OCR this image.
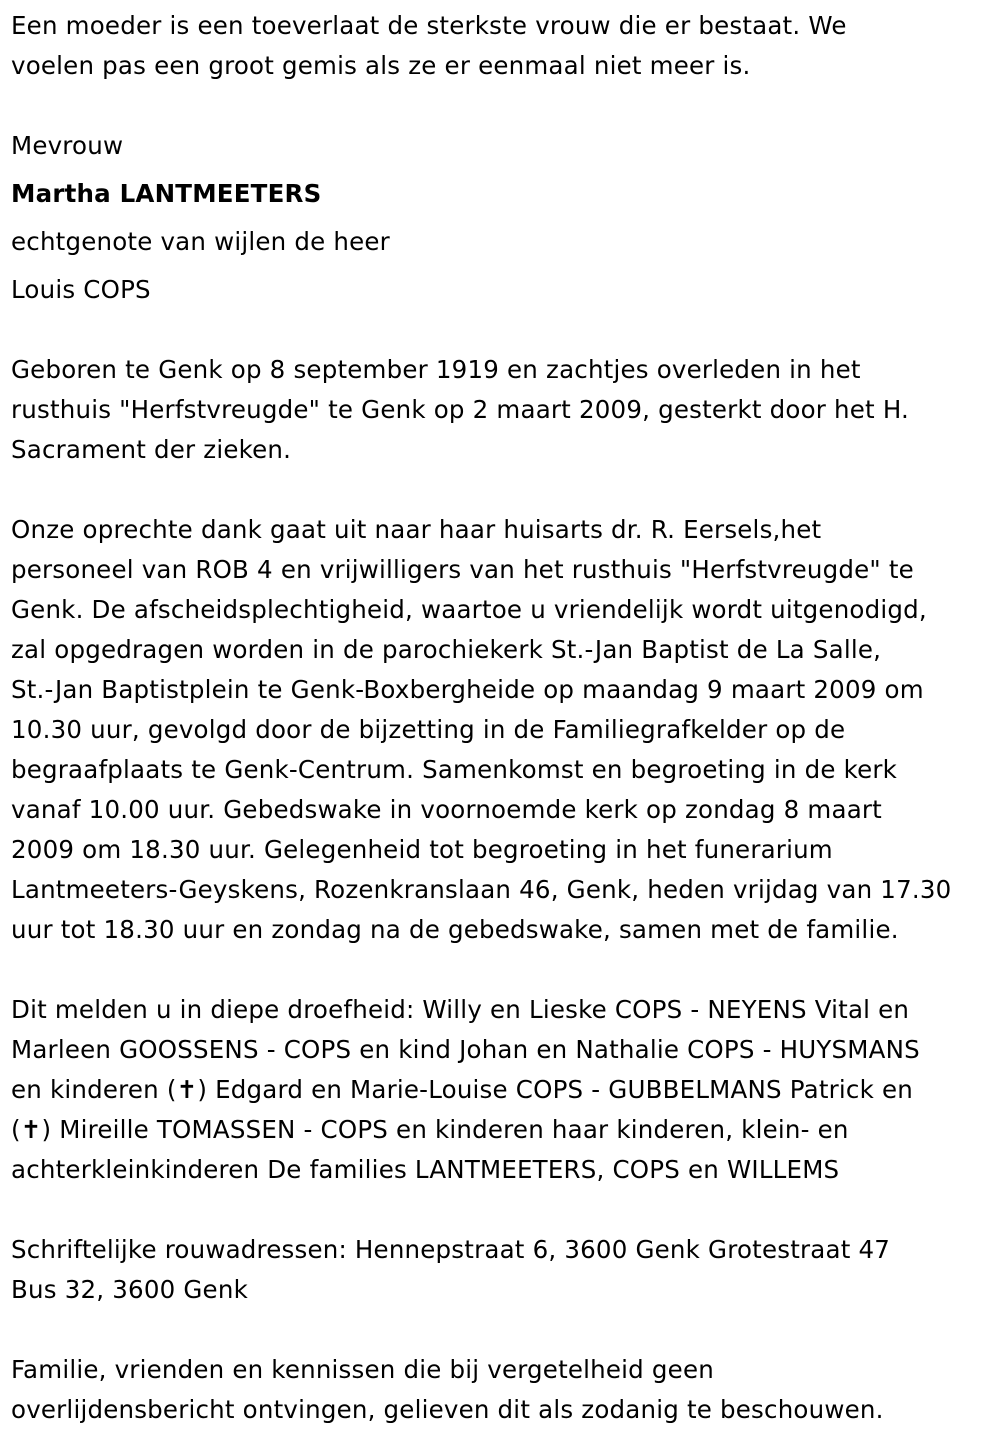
Een moeder is een toeverlaat de sterkste vrouw die er bestaat. We
voelen pas een groot gemis als ze er eenmaal niet meer is.
Mevrouw
Martha LANTMEETERS
echtgenote van wijlen de heer
Louis COPS
Geboren te Genk op 8 september 1919 en zachtjes overleden in het
rusthuis "Herfstvreugde" te Genk op 2 maart 2009, gesterkt door het H.
Sacrament der zieken.
Onze oprechte dank gaat uit naar haar huisarts dr. R. Eersels,het
personeel van ROB 4 en vrijwilligers van het rusthuis "Herfstvreugde" te
Genk. De afscheidsplechtigheid, waartoe u vriendelijk wordt uitgenodigd,
zal opgedragen worden in de parochiekerk St.-Jan Baptist de La Salle,
St.-Jan Baptistplein te Genk-Boxbergheide op maandag 9 maart 2009 om
10.30 uur, gevolgd door de bijzetting in de Familiegrafkelder op de
begraafplaats te Genk-Centrum. Samenkomst en begroeting in de kerk
vanaf 10.00 uur. Gebedswake in voornoemde kerk op zondag 8 maart
2009 om 18.30 uur. Gelegenheid tot begroeting in het funerarium
Lantmeeters-Geyskens, Rozenkranslaan 46, Genk, heden vrijdag van 17.30
uur tot 18.30 uur en zondag na de gebedswake, samen met de familie.
Dit melden u in diepe droefheid: Willy en Lieske COPS - NEYENS Vital en
Marleen GOOSSENS - COPS en kind Johan en Nathalie COPS - HUYSMANS
en kinderen (✝) Edgard en Marie-Louise COPS - GUBBELMANS Patrick en
(✝) Mireille TOMASSEN - COPS en kinderen haar kinderen, klein- en
achterkleinkinderen De families LANTMEETERS, COPS en WILLEMS
Schriftelijke rouwadressen: Hennepstraat 6, 3600 Genk Grotestraat 47
Bus 32, 3600 Genk
Familie, vrienden en kennissen die bij vergetelheid geen
overlijdensbericht ontvingen, gelieven dit als zodanig te beschouwen.
